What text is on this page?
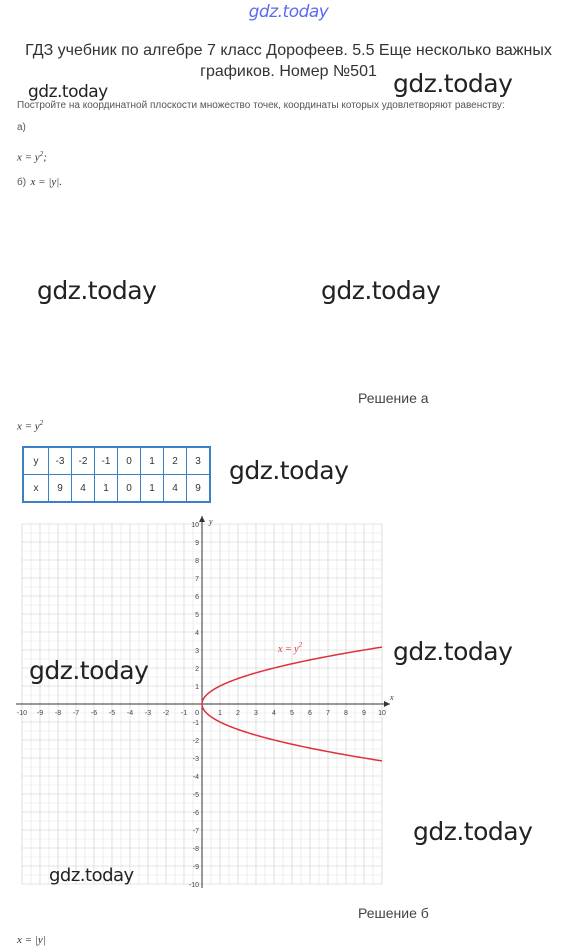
gdz.today
ГДЗ учебник по алгебре 7 класс Дорофеев. 5.5 Еще несколько важных графиков. Номер №501
gdz.today	gdz.today
Постройте на координатной плоскости множество точек, координаты которых удовлетворяют равенству:
а)
$x = y^2$;
б) x = |y|.
gdz.today	gdz.today
Решение а
$x = y^2$
y	-3	-2	-1	0	1	2	3
x	9	4	1	0	1	4	9
gdz.today
-10 -9 -8 -7 -6 -5 -4 -3 -2 -1	1 2 3 4 5 6 7 8 9 10
10
9
8
7
6
5
4
3
2
1
-1
-2
-3
-4
-5
-6
-7
-8
-9
-10
0
$x = y^2$
x
y
gdz.today
gdz.today
gdz.today
gdz.today
Решение б
x = |y|
